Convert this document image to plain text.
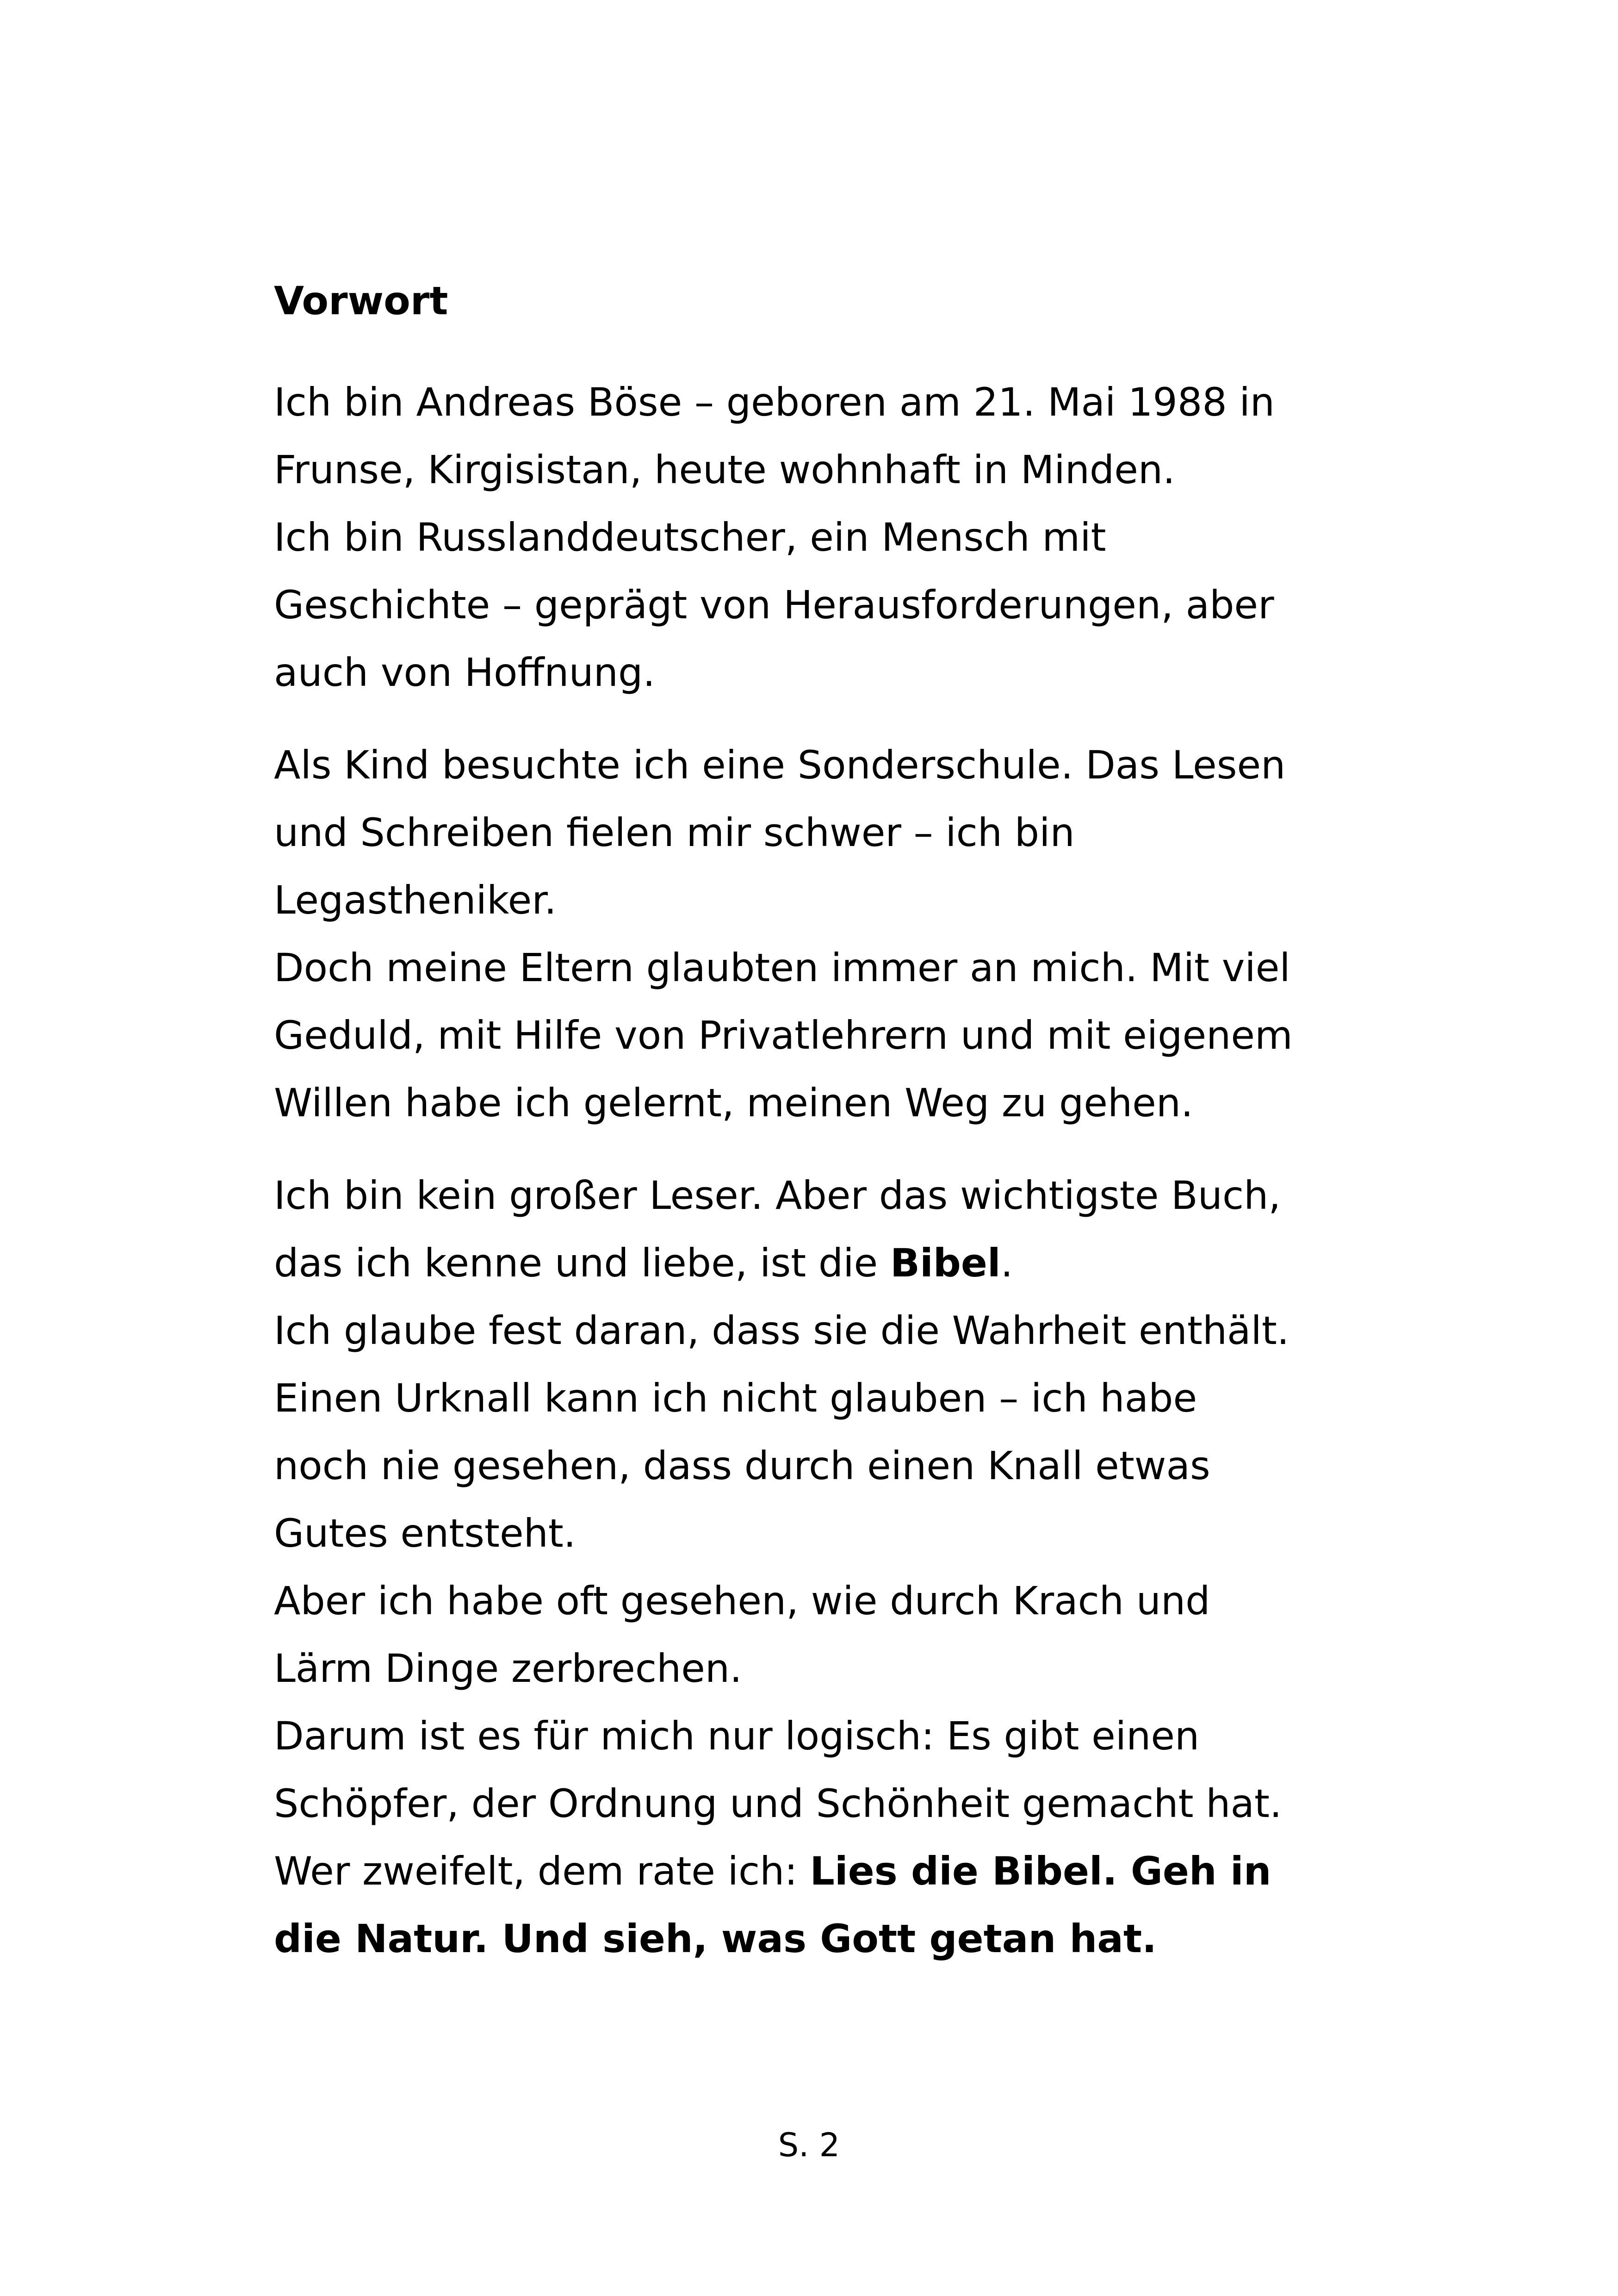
Vorwort
Ich bin Andreas Böse – geboren am 21. Mai 1988 in
Frunse, Kirgisistan, heute wohnhaft in Minden.
Ich bin Russlanddeutscher, ein Mensch mit
Geschichte – geprägt von Herausforderungen, aber
auch von Hoffnung.
Als Kind besuchte ich eine Sonderschule. Das Lesen
und Schreiben fielen mir schwer – ich bin
Legastheniker.
Doch meine Eltern glaubten immer an mich. Mit viel
Geduld, mit Hilfe von Privatlehrern und mit eigenem
Willen habe ich gelernt, meinen Weg zu gehen.
Ich bin kein großer Leser. Aber das wichtigste Buch,
das ich kenne und liebe, ist die Bibel.
Ich glaube fest daran, dass sie die Wahrheit enthält.
Einen Urknall kann ich nicht glauben – ich habe
noch nie gesehen, dass durch einen Knall etwas
Gutes entsteht.
Aber ich habe oft gesehen, wie durch Krach und
Lärm Dinge zerbrechen.
Darum ist es für mich nur logisch: Es gibt einen
Schöpfer, der Ordnung und Schönheit gemacht hat.
Wer zweifelt, dem rate ich: Lies die Bibel. Geh in
die Natur. Und sieh, was Gott getan hat.
S. 2
